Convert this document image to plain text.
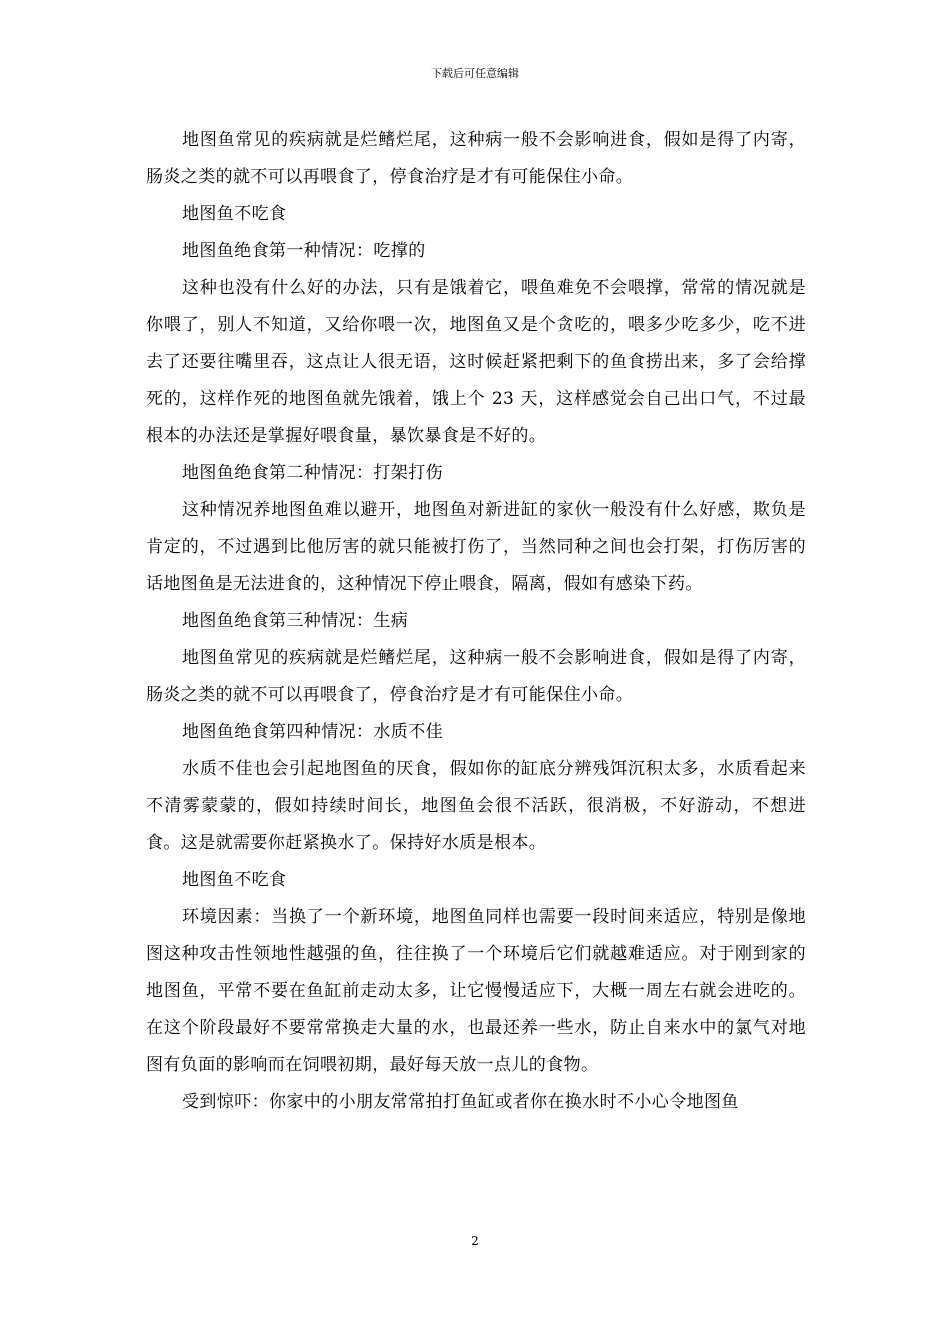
下载后可任意编辑

地图鱼常见的疾病就是烂鳍烂尾，这种病一般不会影响进食，假如是得了内寄，肠炎之类的就不可以再喂食了，停食治疗是才有可能保住小命。

地图鱼不吃食

地图鱼绝食第一种情况：吃撑的

这种也没有什么好的办法，只有是饿着它，喂鱼难免不会喂撑，常常的情况就是你喂了，别人不知道，又给你喂一次，地图鱼又是个贪吃的，喂多少吃多少，吃不进去了还要往嘴里吞，这点让人很无语，这时候赶紧把剩下的鱼食捞出来，多了会给撑死的，这样作死的地图鱼就先饿着，饿上个 23 天，这样感觉会自己出口气，不过最根本的办法还是掌握好喂食量，暴饮暴食是不好的。

地图鱼绝食第二种情况：打架打伤

这种情况养地图鱼难以避开，地图鱼对新进缸的家伙一般没有什么好感，欺负是肯定的，不过遇到比他厉害的就只能被打伤了，当然同种之间也会打架，打伤厉害的话地图鱼是无法进食的，这种情况下停止喂食，隔离，假如有感染下药。

地图鱼绝食第三种情况：生病

地图鱼常见的疾病就是烂鳍烂尾，这种病一般不会影响进食，假如是得了内寄，肠炎之类的就不可以再喂食了，停食治疗是才有可能保住小命。

地图鱼绝食第四种情况：水质不佳

水质不佳也会引起地图鱼的厌食，假如你的缸底分辨残饵沉积太多，水质看起来不清雾蒙蒙的，假如持续时间长，地图鱼会很不活跃，很消极，不好游动，不想进食。这是就需要你赶紧换水了。保持好水质是根本。

地图鱼不吃食

环境因素：当换了一个新环境，地图鱼同样也需要一段时间来适应，特别是像地图这种攻击性领地性越强的鱼，往往换了一个环境后它们就越难适应。对于刚到家的地图鱼，平常不要在鱼缸前走动太多，让它慢慢适应下，大概一周左右就会进吃的。在这个阶段最好不要常常换走大量的水，也最还养一些水，防止自来水中的氯气对地图有负面的影响而在饲喂初期，最好每天放一点儿的食物。

受到惊吓：你家中的小朋友常常拍打鱼缸或者你在换水时不小心令地图鱼

2
